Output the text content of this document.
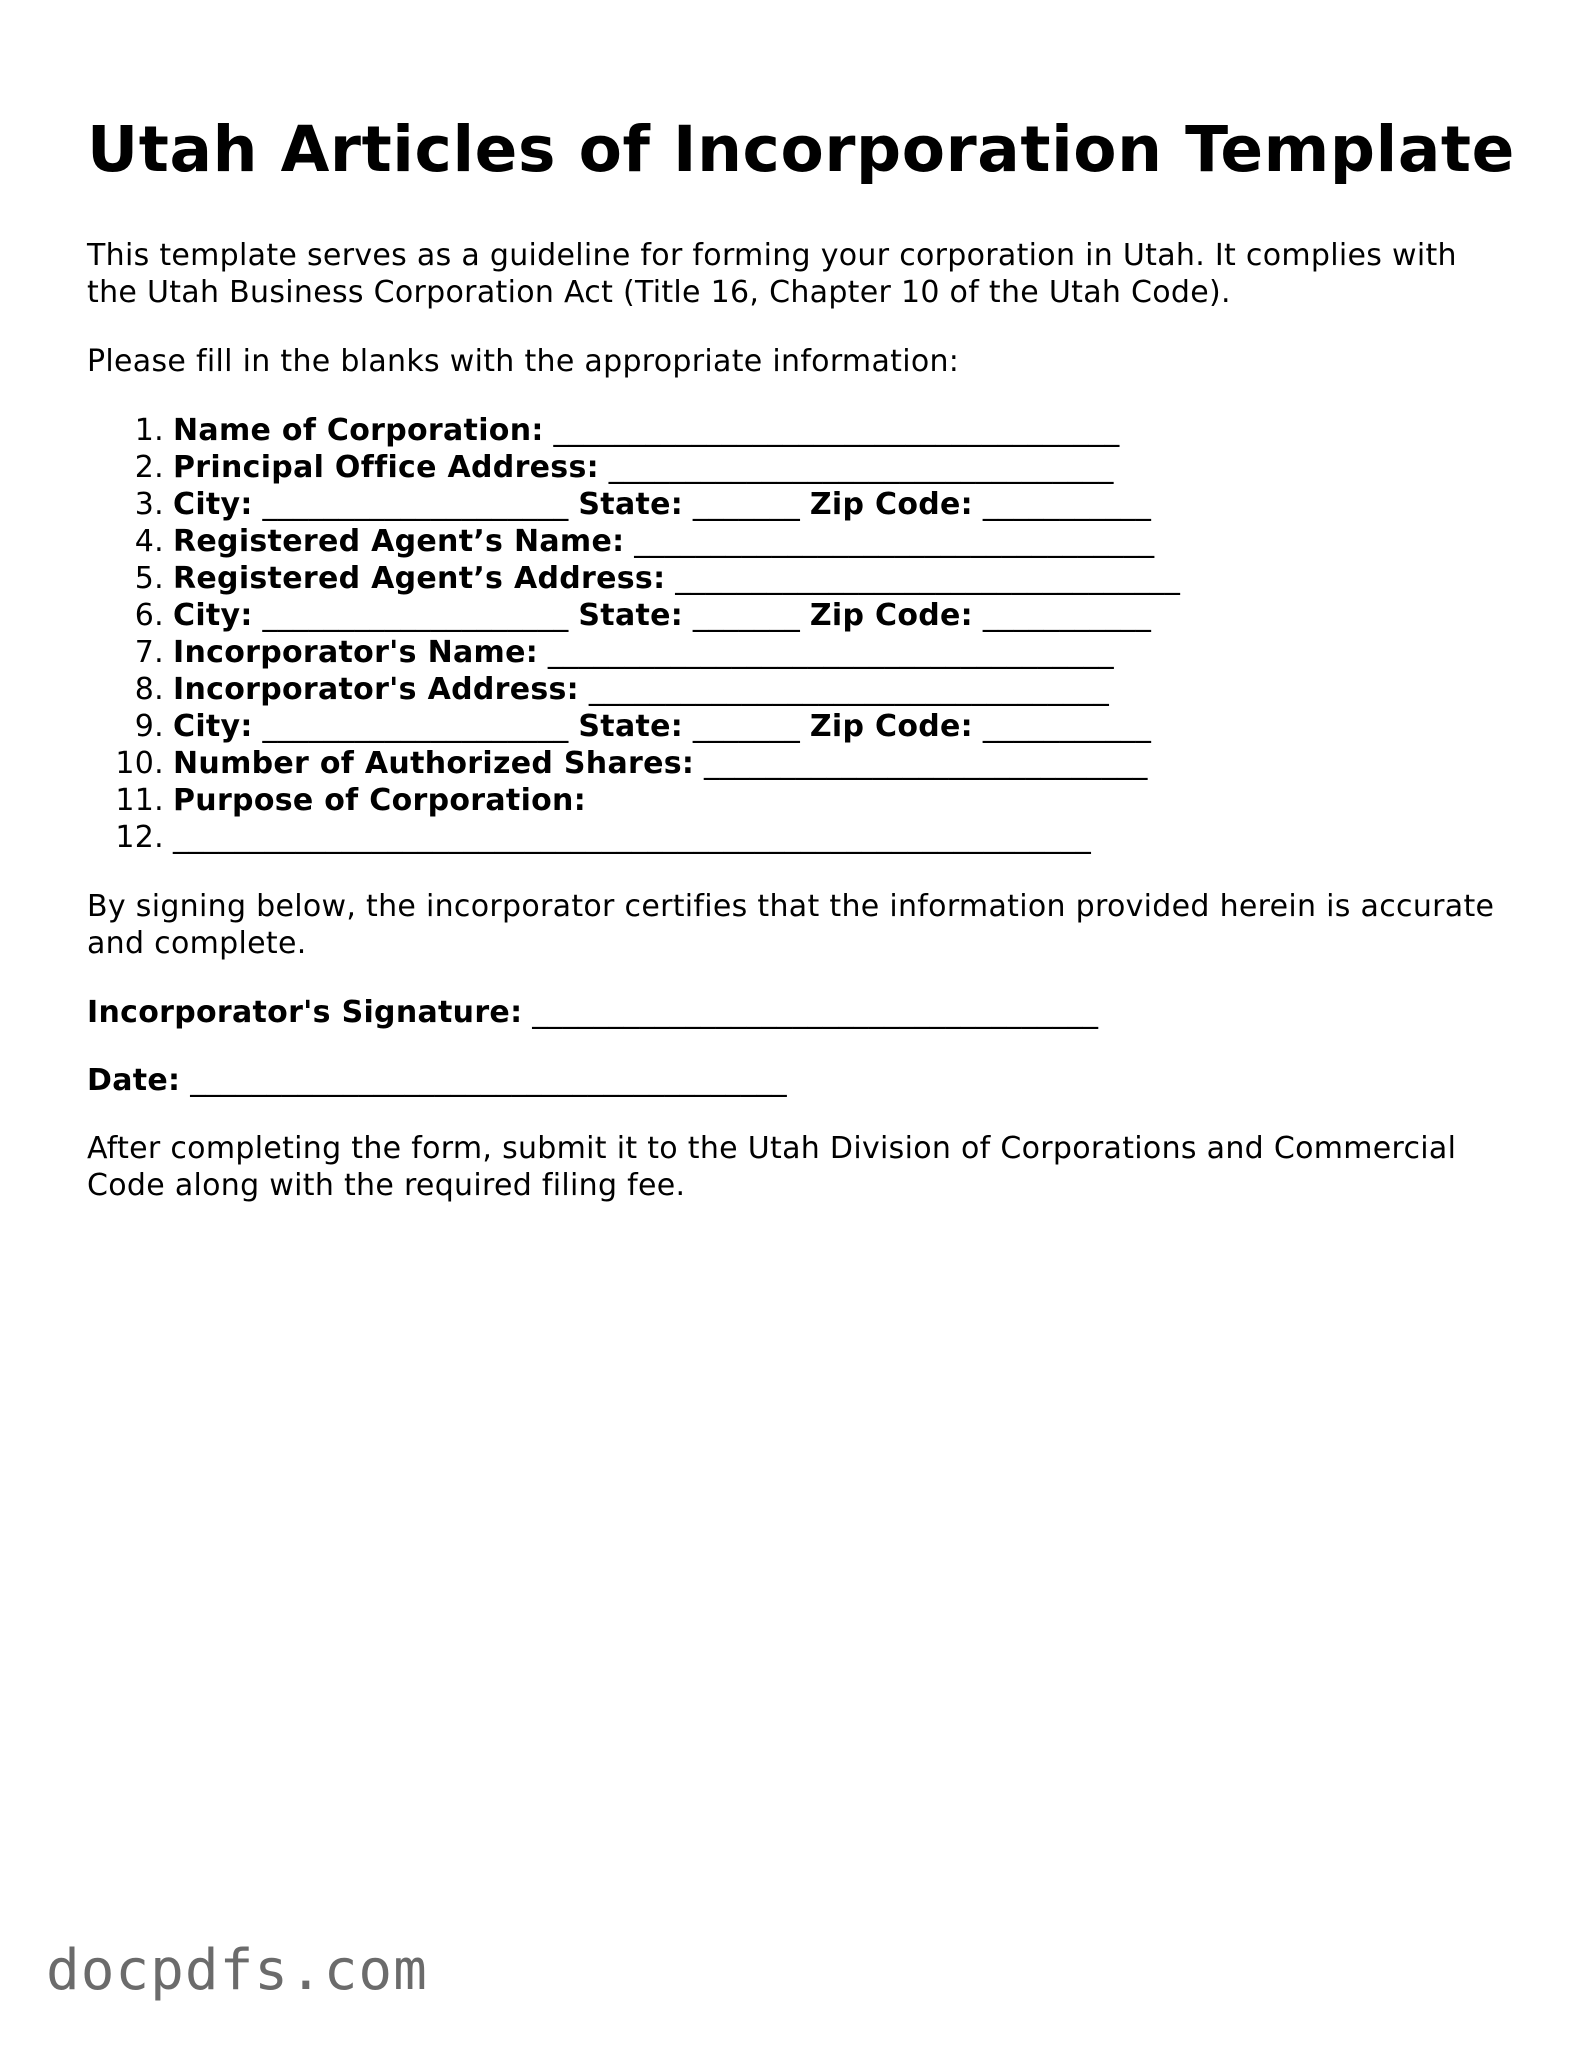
Utah Articles of Incorporation Template

This template serves as a guideline for forming your corporation in Utah. It complies with the Utah Business Corporation Act (Title 16, Chapter 10 of the Utah Code).

Please fill in the blanks with the appropriate information:

1. Name of Corporation: _____________________________________
2. Principal Office Address: _________________________________
3. City: ____________________ State: _______ Zip Code: ___________
4. Registered Agent’s Name: __________________________________
5. Registered Agent’s Address: _________________________________
6. City: ____________________ State: _______ Zip Code: ___________
7. Incorporator's Name: _____________________________________
8. Incorporator's Address: __________________________________
9. City: ____________________ State: _______ Zip Code: ___________
10. Number of Authorized Shares: _____________________________
11. Purpose of Corporation:
12. ____________________________________________________________

By signing below, the incorporator certifies that the information provided herein is accurate and complete.

Incorporator's Signature: _____________________________________

Date: _______________________________________

After completing the form, submit it to the Utah Division of Corporations and Commercial Code along with the required filing fee.

docpdfs.com
